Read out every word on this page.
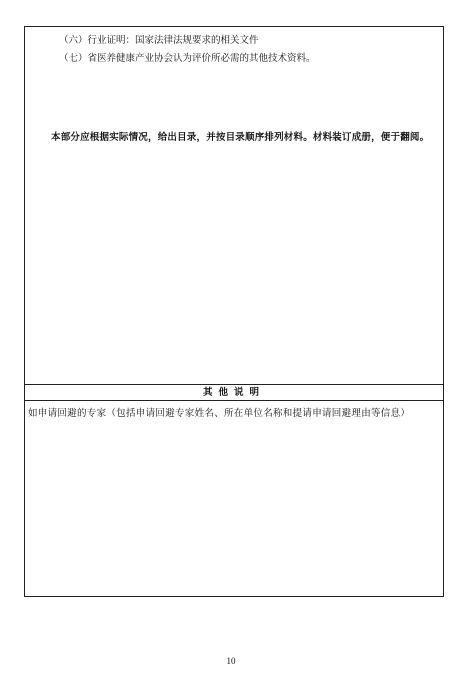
（六）行业证明：国家法律法规要求的相关文件
（七）省医养健康产业协会认为评价所必需的其他技术资料。
本部分应根据实际情况，给出目录，并按目录顺序排列材料。材料装订成册，便于翻阅。
其他说明
如申请回避的专家（包括申请回避专家姓名、所在单位名称和提请申请回避理由等信息）
10
